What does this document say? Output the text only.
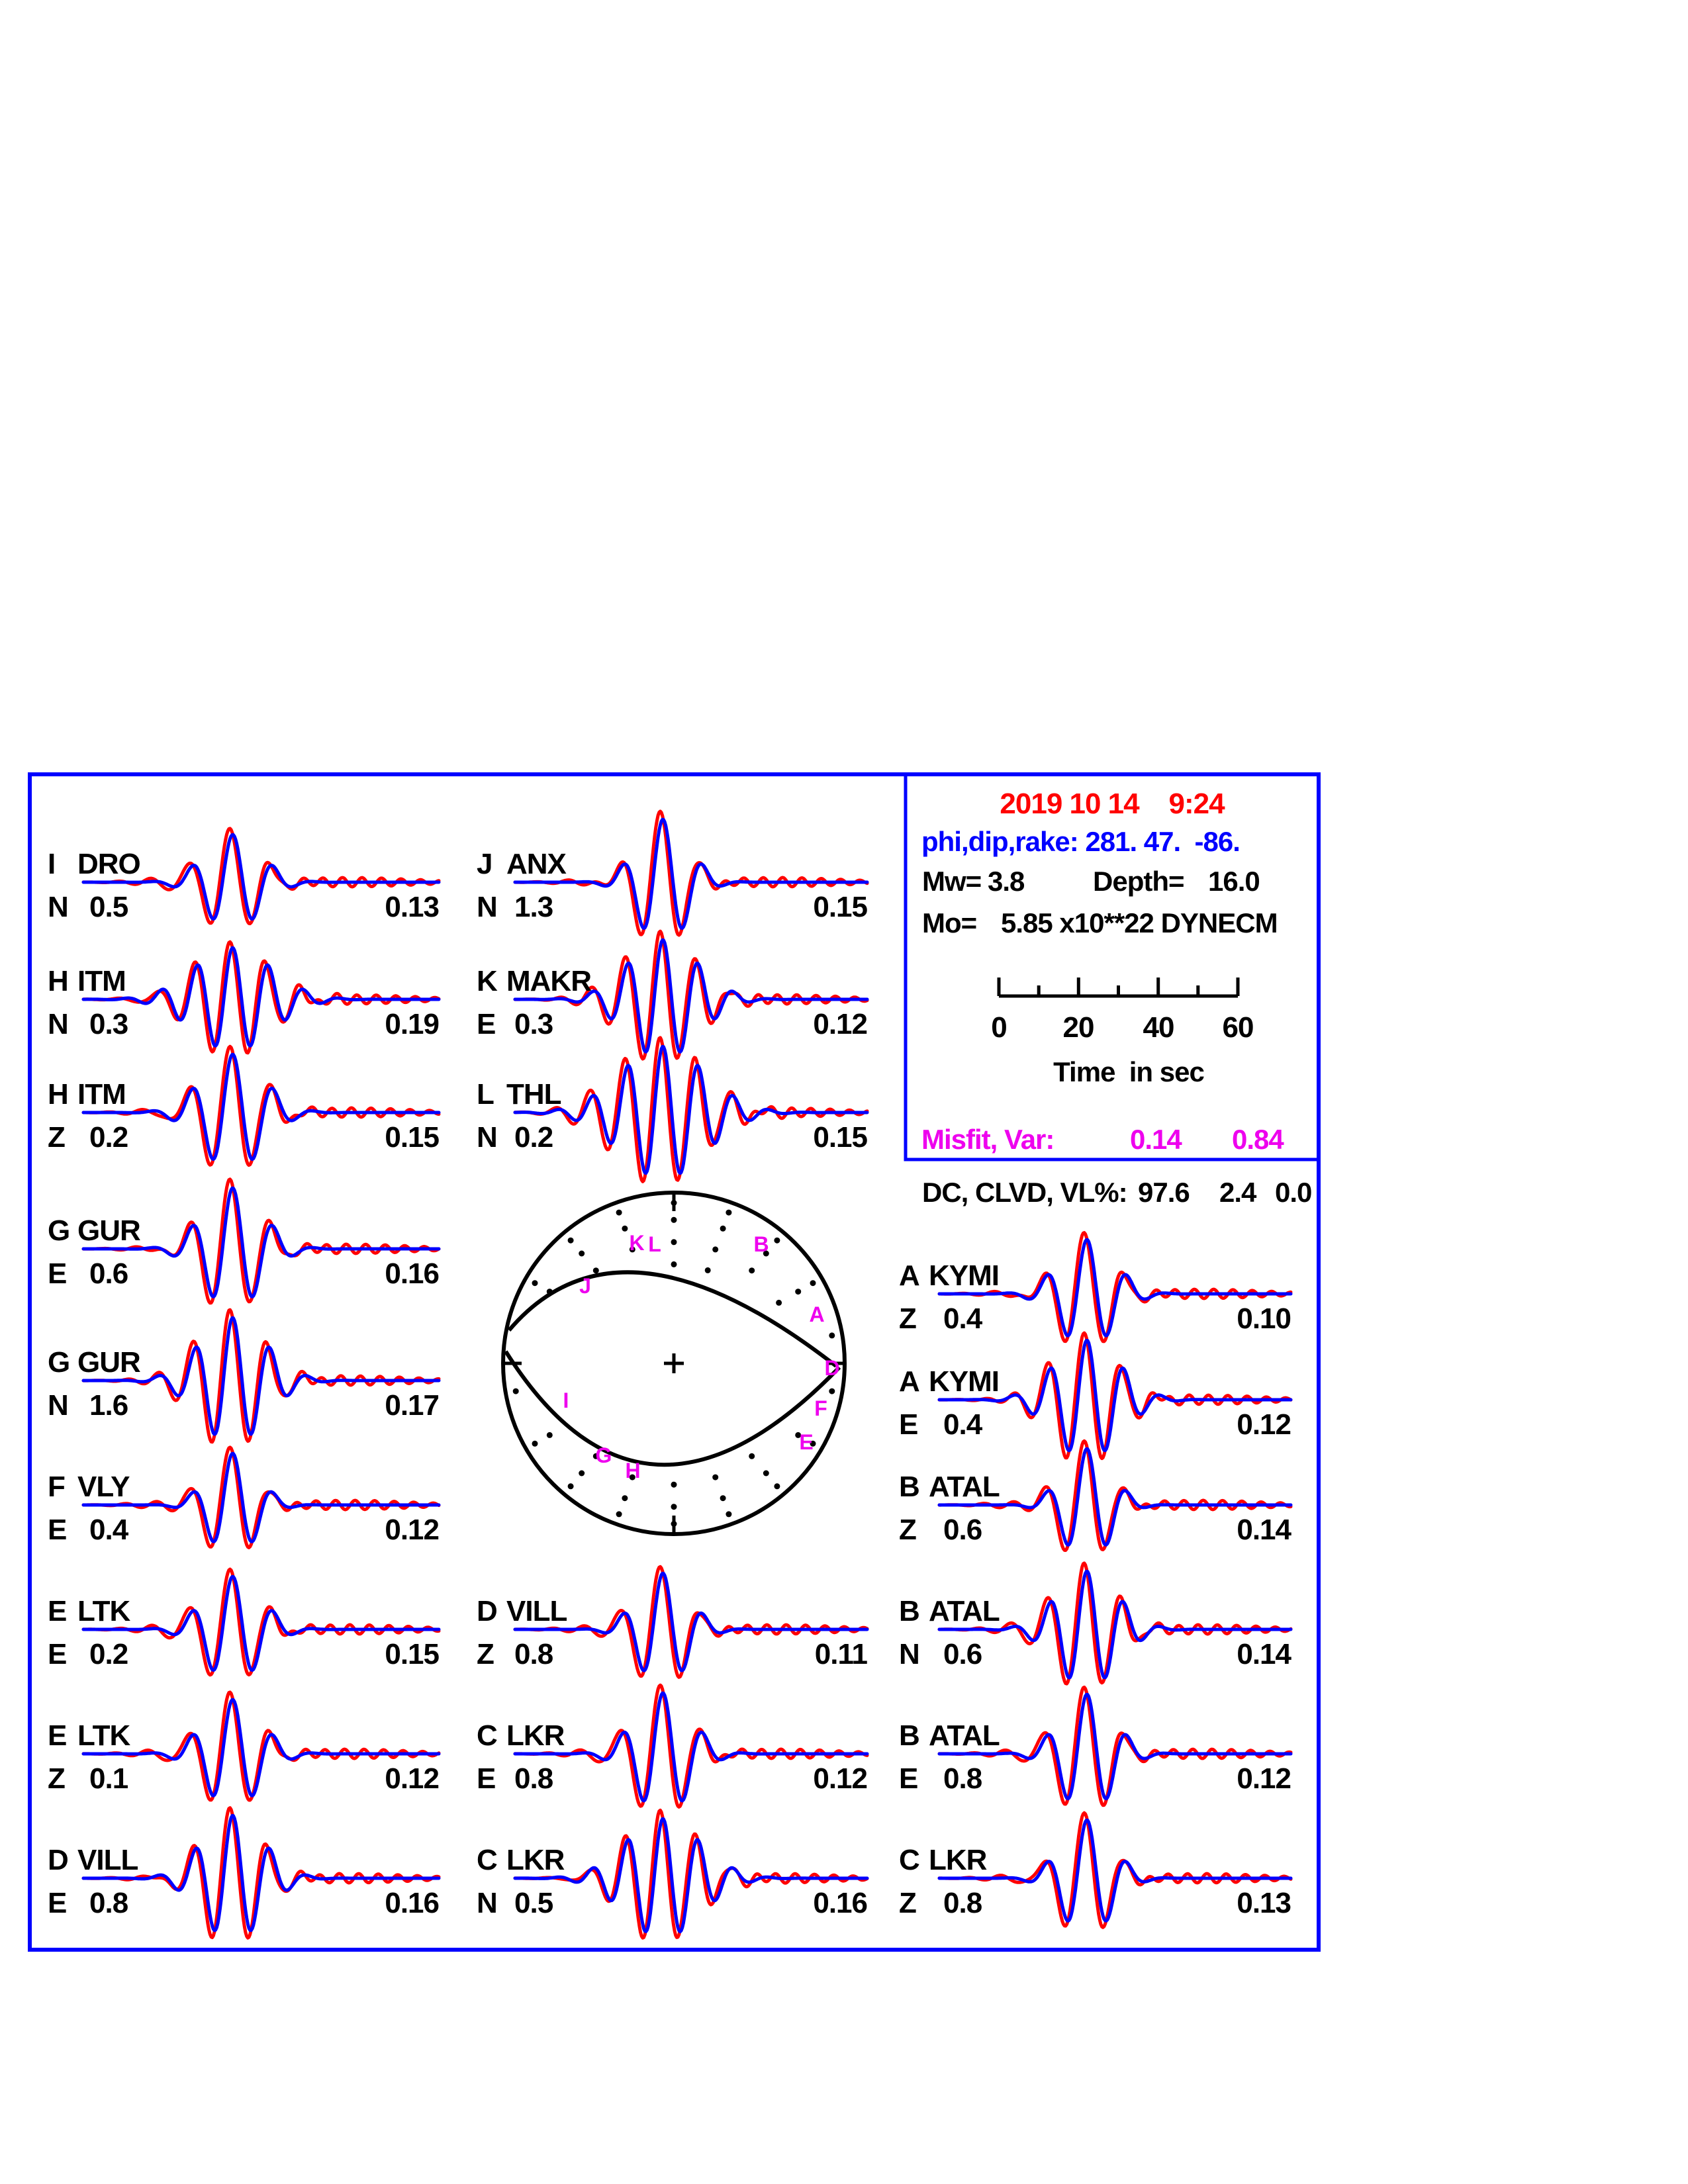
K L	B
J
A
D
I	F
E
G
H
2019 10 14    9:24
phi,dip,rake: 281. 47.  -86.
Mw= 3.8 Depth= 16.0
Mo= 5.85 x10**22 DYNECM
0	20	40	60
Time  in sec
Misfit, Var:	0.14 0.84
DC, CLVD, VL%: 97.6 2.4 0.0
I DRO
N 0.5	0.13
H ITM
N 0.3	0.19
H ITM
Z 0.2	0.15
G GUR
E 0.6	0.16
G GUR
N 1.6	0.17
F VLY
E 0.4	0.12
E LTK
E 0.2	0.15
E LTK
Z 0.1	0.12
D VILL
E 0.8	0.16
J ANX
N 1.3	0.15
K MAKR
E 0.3	0.12
L THL
N 0.2	0.15
D VILL
Z 0.8	0.11
C LKR
E 0.8	0.12
C LKR
N 0.5	0.16
A KYMI
Z 0.4	0.10
A KYMI
E 0.4	0.12
B ATAL
Z 0.6	0.14
B ATAL
N 0.6	0.14
B ATAL
E 0.8	0.12
C LKR
Z 0.8	0.13
